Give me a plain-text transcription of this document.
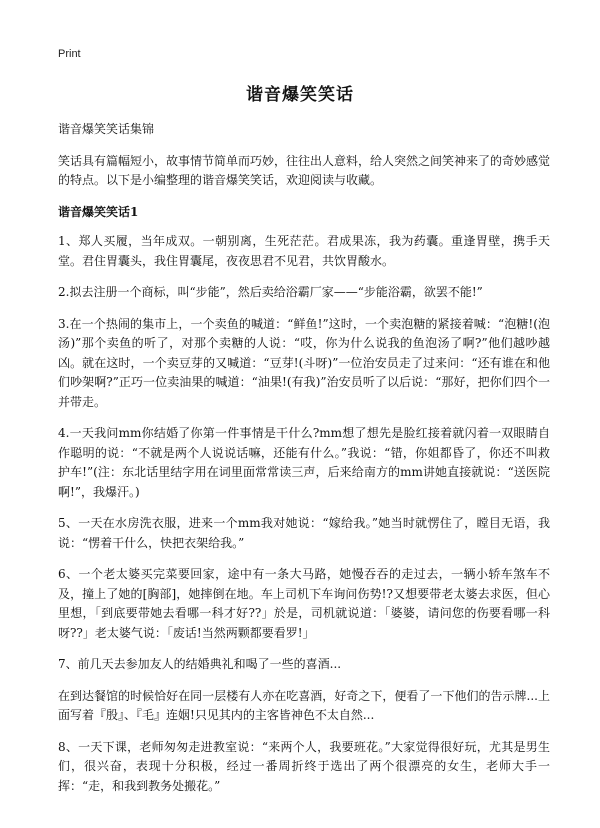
Print
谐音爆笑笑话

谐音爆笑笑话集锦

笑话具有篇幅短小，故事情节简单而巧妙，往往出人意料，给人突然之间笑神来了的奇妙感觉的特点。以下是小编整理的谐音爆笑笑话，欢迎阅读与收藏。

谐音爆笑笑话1

1、郑人买履，当年成双。一朝别离，生死茫茫。君成果冻，我为药囊。重逢胃壁，携手天堂。君住胃囊头，我住胃囊尾，夜夜思君不见君，共饮胃酸水。

2.拟去注册一个商标，叫“步能”，然后卖给浴霸厂家——“步能浴霸，欲罢不能!”

3.在一个热闹的集市上，一个卖鱼的喊道：“鲜鱼!”这时，一个卖泡糖的紧接着喊：“泡糖!(泡汤)”那个卖鱼的听了，对那个卖糖的人说：“哎，你为什么说我的鱼泡汤了啊?”他们越吵越凶。就在这时，一个卖豆芽的又喊道：“豆芽!(斗呀)”一位治安员走了过来问：“还有谁在和他们吵架啊?”正巧一位卖油果的喊道：“油果!(有我)”治安员听了以后说：“那好，把你们四个一并带走。

4.一天我问mm你结婚了你第一件事情是干什么?mm想了想先是脸红接着就闪着一双眼睛自作聪明的说：“不就是两个人说说话嘛，还能有什么。”我说：“错，你姐都昏了，你还不叫救护车!”(注：东北话里结字用在词里面常常读三声，后来给南方的mm讲她直接就说：“送医院啊!”，我爆汗。)

5、一天在水房洗衣服，进来一个mm我对她说：“嫁给我。”她当时就愣住了，瞠目无语，我说：“愣着干什么，快把衣架给我。”

6、一个老太婆买完菜要回家，途中有一条大马路，她慢吞吞的走过去，一辆小轿车煞车不及，撞上了她的[胸部]，她摔倒在地。车上司机下车询问伤势!?又想要带老太婆去求医，但心里想，「到底要带她去看哪一科才好??」於是，司机就说道：「婆婆，请问您的伤要看哪一科呀??」老太婆气说：「废话!当然两颗都要看罗!」

7、前几天去参加友人的结婚典礼和喝了一些的喜酒...

在到达餐馆的时候恰好在同一层楼有人亦在吃喜酒，好奇之下，便看了一下他们的告示牌...上面写着『殷』、『毛』连姻!只见其内的主客皆神色不太自然...

8、一天下课，老师匆匆走进教室说：“来两个人，我要班花。”大家觉得很好玩，尤其是男生们，很兴奋，表现十分积极，经过一番周折终于选出了两个很漂亮的女生，老师大手一挥：“走，和我到教务处搬花。”
